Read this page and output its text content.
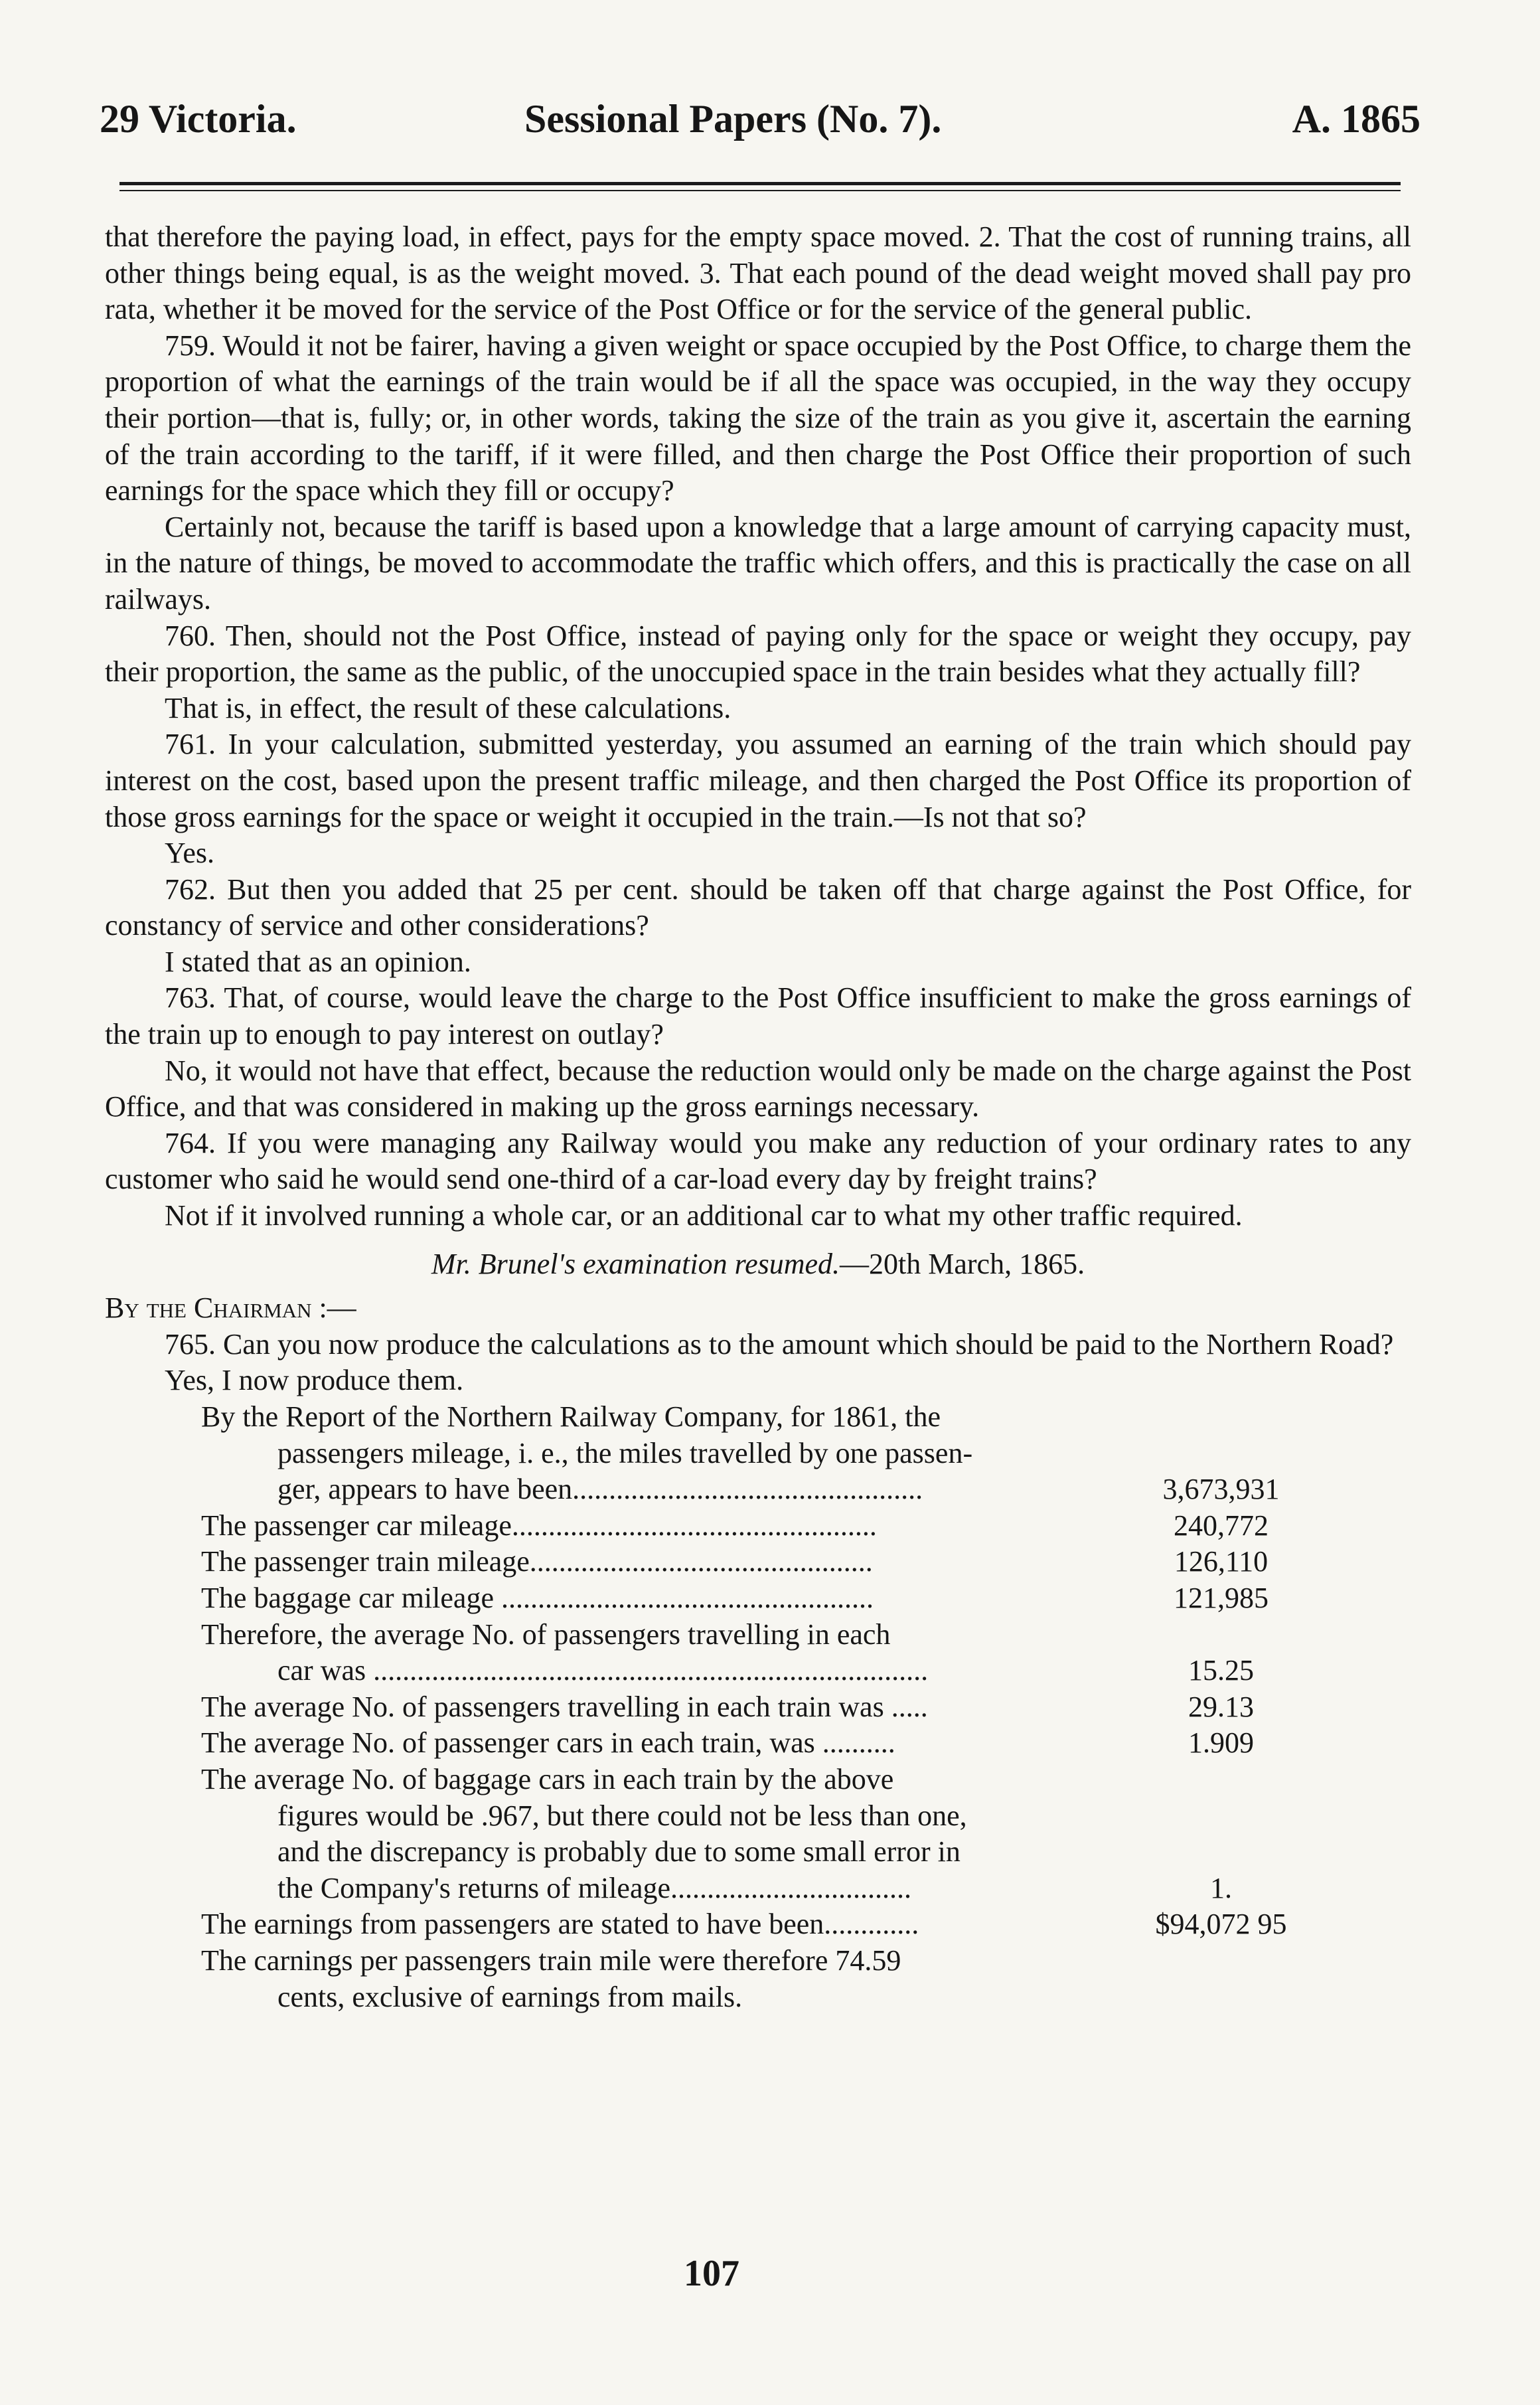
29 Victoria.	Sessional Papers (No. 7).	A. 1865

that therefore the paying load, in effect, pays for the empty space moved. 2. That the cost of running trains, all other things being equal, is as the weight moved. 3. That each pound of the dead weight moved shall pay pro rata, whether it be moved for the service of the Post Office or for the service of the general public.

759. Would it not be fairer, having a given weight or space occupied by the Post Office, to charge them the proportion of what the earnings of the train would be if all the space was occupied, in the way they occupy their portion—that is, fully; or, in other words, taking the size of the train as you give it, ascertain the earning of the train according to the tariff, if it were filled, and then charge the Post Office their proportion of such earnings for the space which they fill or occupy?

Certainly not, because the tariff is based upon a knowledge that a large amount of carrying capacity must, in the nature of things, be moved to accommodate the traffic which offers, and this is practically the case on all railways.

760. Then, should not the Post Office, instead of paying only for the space or weight they occupy, pay their proportion, the same as the public, of the unoccupied space in the train besides what they actually fill?

That is, in effect, the result of these calculations.

761. In your calculation, submitted yesterday, you assumed an earning of the train which should pay interest on the cost, based upon the present traffic mileage, and then charged the Post Office its proportion of those gross earnings for the space or weight it occupied in the train.—Is not that so?

Yes.

762. But then you added that 25 per cent. should be taken off that charge against the Post Office, for constancy of service and other considerations?

I stated that as an opinion.

763. That, of course, would leave the charge to the Post Office insufficient to make the gross earnings of the train up to enough to pay interest on outlay?

No, it would not have that effect, because the reduction would only be made on the charge against the Post Office, and that was considered in making up the gross earnings necessary.

764. If you were managing any Railway would you make any reduction of your ordinary rates to any customer who said he would send one-third of a car-load every day by freight trains?

Not if it involved running a whole car, or an additional car to what my other traffic required.

Mr. Brunel's examination resumed.—20th March, 1865.

By the Chairman :—

765. Can you now produce the calculations as to the amount which should be paid to the Northern Road?

Yes, I now produce them.

By the Report of the Northern Railway Company, for 1861, the
passengers mileage, i. e., the miles travelled by one passen-
ger, appears to have been................................................	3,673,931
The passenger car mileage..................................................	240,772
The passenger train mileage...............................................	126,110
The baggage car mileage ...................................................	121,985
Therefore, the average No. of passengers travelling in each
car was ............................................................................	15.25
The average No. of passengers travelling in each train was .....	29.13
The average No. of passenger cars in each train, was ..........	1.909
The average No. of baggage cars in each train by the above
figures would be .967, but there could not be less than one,
and the discrepancy is probably due to some small error in
the Company's returns of mileage.................................	1.
The earnings from passengers are stated to have been.............	$94,072 95
The carnings per passengers train mile were therefore 74.59
cents, exclusive of earnings from mails.
107
